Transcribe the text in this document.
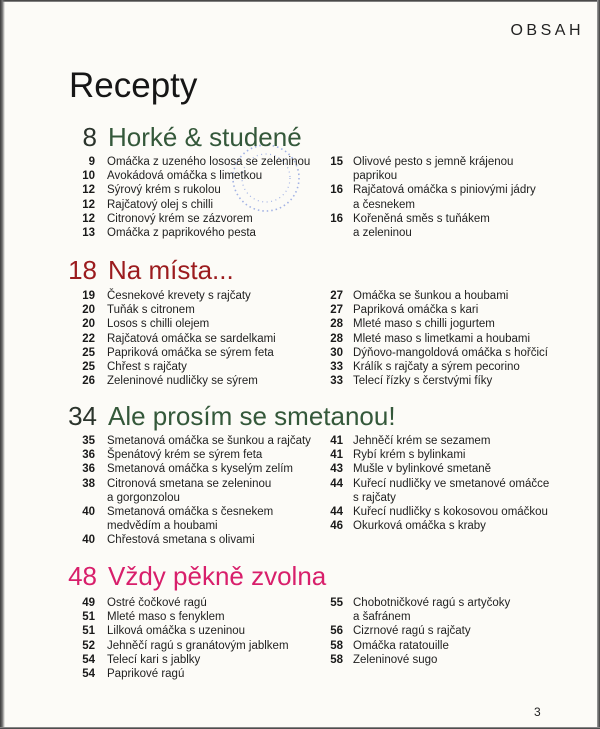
OBSAH
Recepty
8 Horké & studené
9 Omáčka z uzeného lososa se zeleninou
10 Avokádová omáčka s limetkou
12 Sýrový krém s rukolou
12 Rajčatový olej s chilli
12 Citronový krém se zázvorem
13 Omáčka z paprikového pesta
15 Olivové pesto s jemně krájenou
paprikou
16 Rajčatová omáčka s piniovými jádry
a česnekem
16 Kořeněná směs s tuňákem
a zeleninou
18 Na místa...
19 Česnekové krevety s rajčaty
20 Tuňák s citronem
20 Losos s chilli olejem
22 Rajčatová omáčka se sardelkami
25 Papriková omáčka se sýrem feta
25 Chřest s rajčaty
26 Zeleninové nudličky se sýrem
27 Omáčka se šunkou a houbami
27 Papriková omáčka s kari
28 Mleté maso s chilli jogurtem
28 Mleté maso s limetkami a houbami
30 Dýňovo-mangoldová omáčka s hořčicí
33 Králík s rajčaty a sýrem pecorino
33 Telecí řízky s čerstvými fíky
34 Ale prosím se smetanou!
35 Smetanová omáčka se šunkou a rajčaty
36 Špenátový krém se sýrem feta
36 Smetanová omáčka s kyselým zelím
38 Citronová smetana se zeleninou
a gorgonzolou
40 Smetanová omáčka s česnekem
medvědím a houbami
40 Chřestová smetana s olivami
41 Jehněčí krém se sezamem
41 Rybí krém s bylinkami
43 Mušle v bylinkové smetaně
44 Kuřecí nudličky ve smetanové omáčce
s rajčaty
44 Kuřecí nudličky s kokosovou omáčkou
46 Okurková omáčka s kraby
48 Vždy pěkně zvolna
49 Ostré čočkové ragú
51 Mleté maso s fenyklem
51 Lilková omáčka s uzeninou
52 Jehněčí ragú s granátovým jablkem
54 Telecí kari s jablky
54 Paprikové ragú
55 Chobotničkové ragú s artyčoky
a šafránem
56 Cizrnové ragú s rajčaty
58 Omáčka ratatouille
58 Zeleninové sugo
3
